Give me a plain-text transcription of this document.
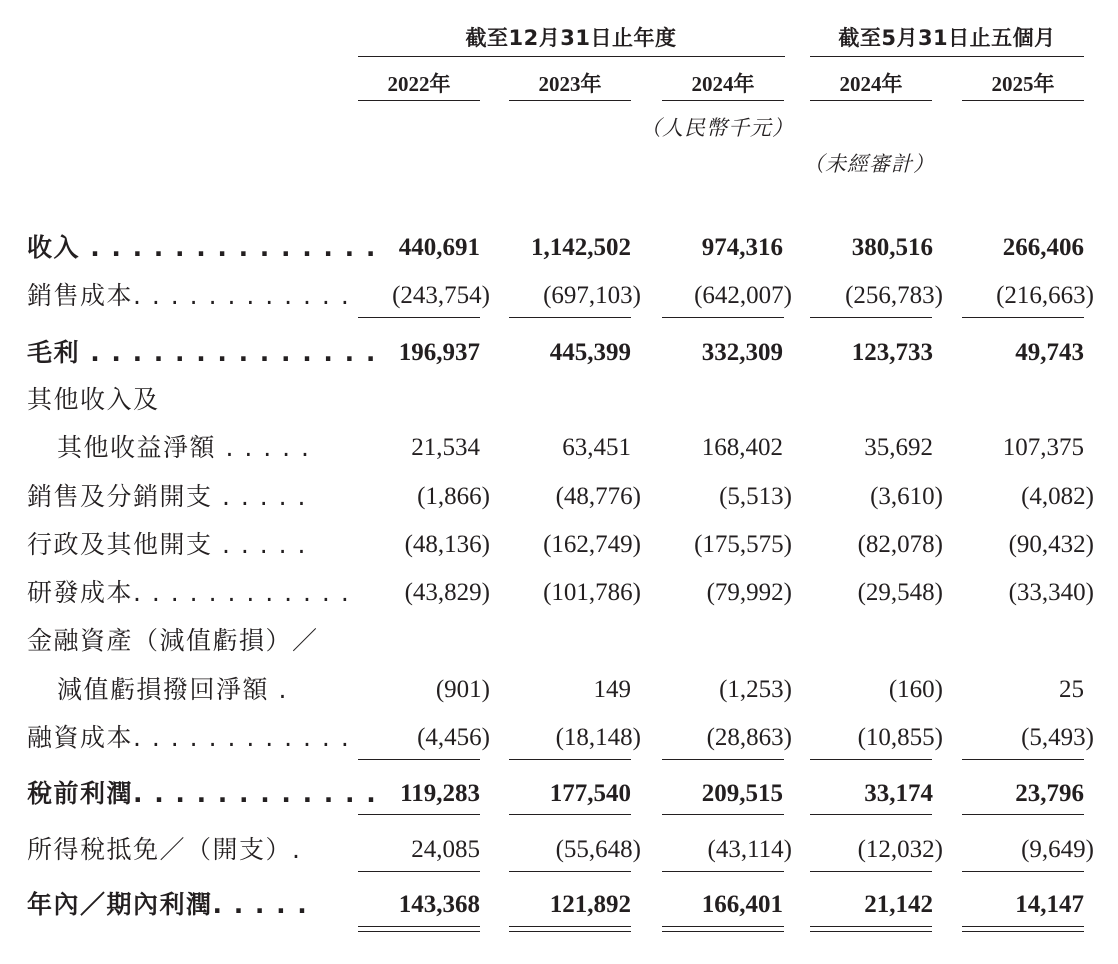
截至12月31日止年度	截至5月31日止五個月
2022年	2023年	2024年	2024年	2025年
（人民幣千元）
（未經審計）
收入 . . . . . . . . . . . . . . 440,691	1,142,502	974,316	380,516	266,406
銷售成本. . . . . . . . . . . .	(243,754)	(697,103)	(642,007)	(256,783)	(216,663)
毛利 . . . . . . . . . . . . . . 196,937	445,399	332,309	123,733	49,743
其他收入及
其他收益淨額 . . . . .	21,534	63,451	168,402	35,692	107,375
銷售及分銷開支 . . . . .	(1,866)	(48,776)	(5,513)	(3,610)	(4,082)
行政及其他開支 . . . . .	(48,136)	(162,749)	(175,575)	(82,078)	(90,432)
研發成本. . . . . . . . . . . .	(43,829)	(101,786)	(79,992)	(29,548)	(33,340)
金融資產（減值虧損）／
減值虧損撥回淨額 .	(901)	149	(1,253)	(160)	25
融資成本. . . . . . . . . . . .	(4,456)	(18,148)	(28,863)	(10,855)	(5,493)
稅前利潤. . . . . . . . . . . . 119,283	177,540	209,515	33,174	23,796
所得稅抵免／（開支）.	24,085	(55,648)	(43,114)	(12,032)	(9,649)
年內／期內利潤. . . . .	143,368	121,892	166,401	21,142	14,147
